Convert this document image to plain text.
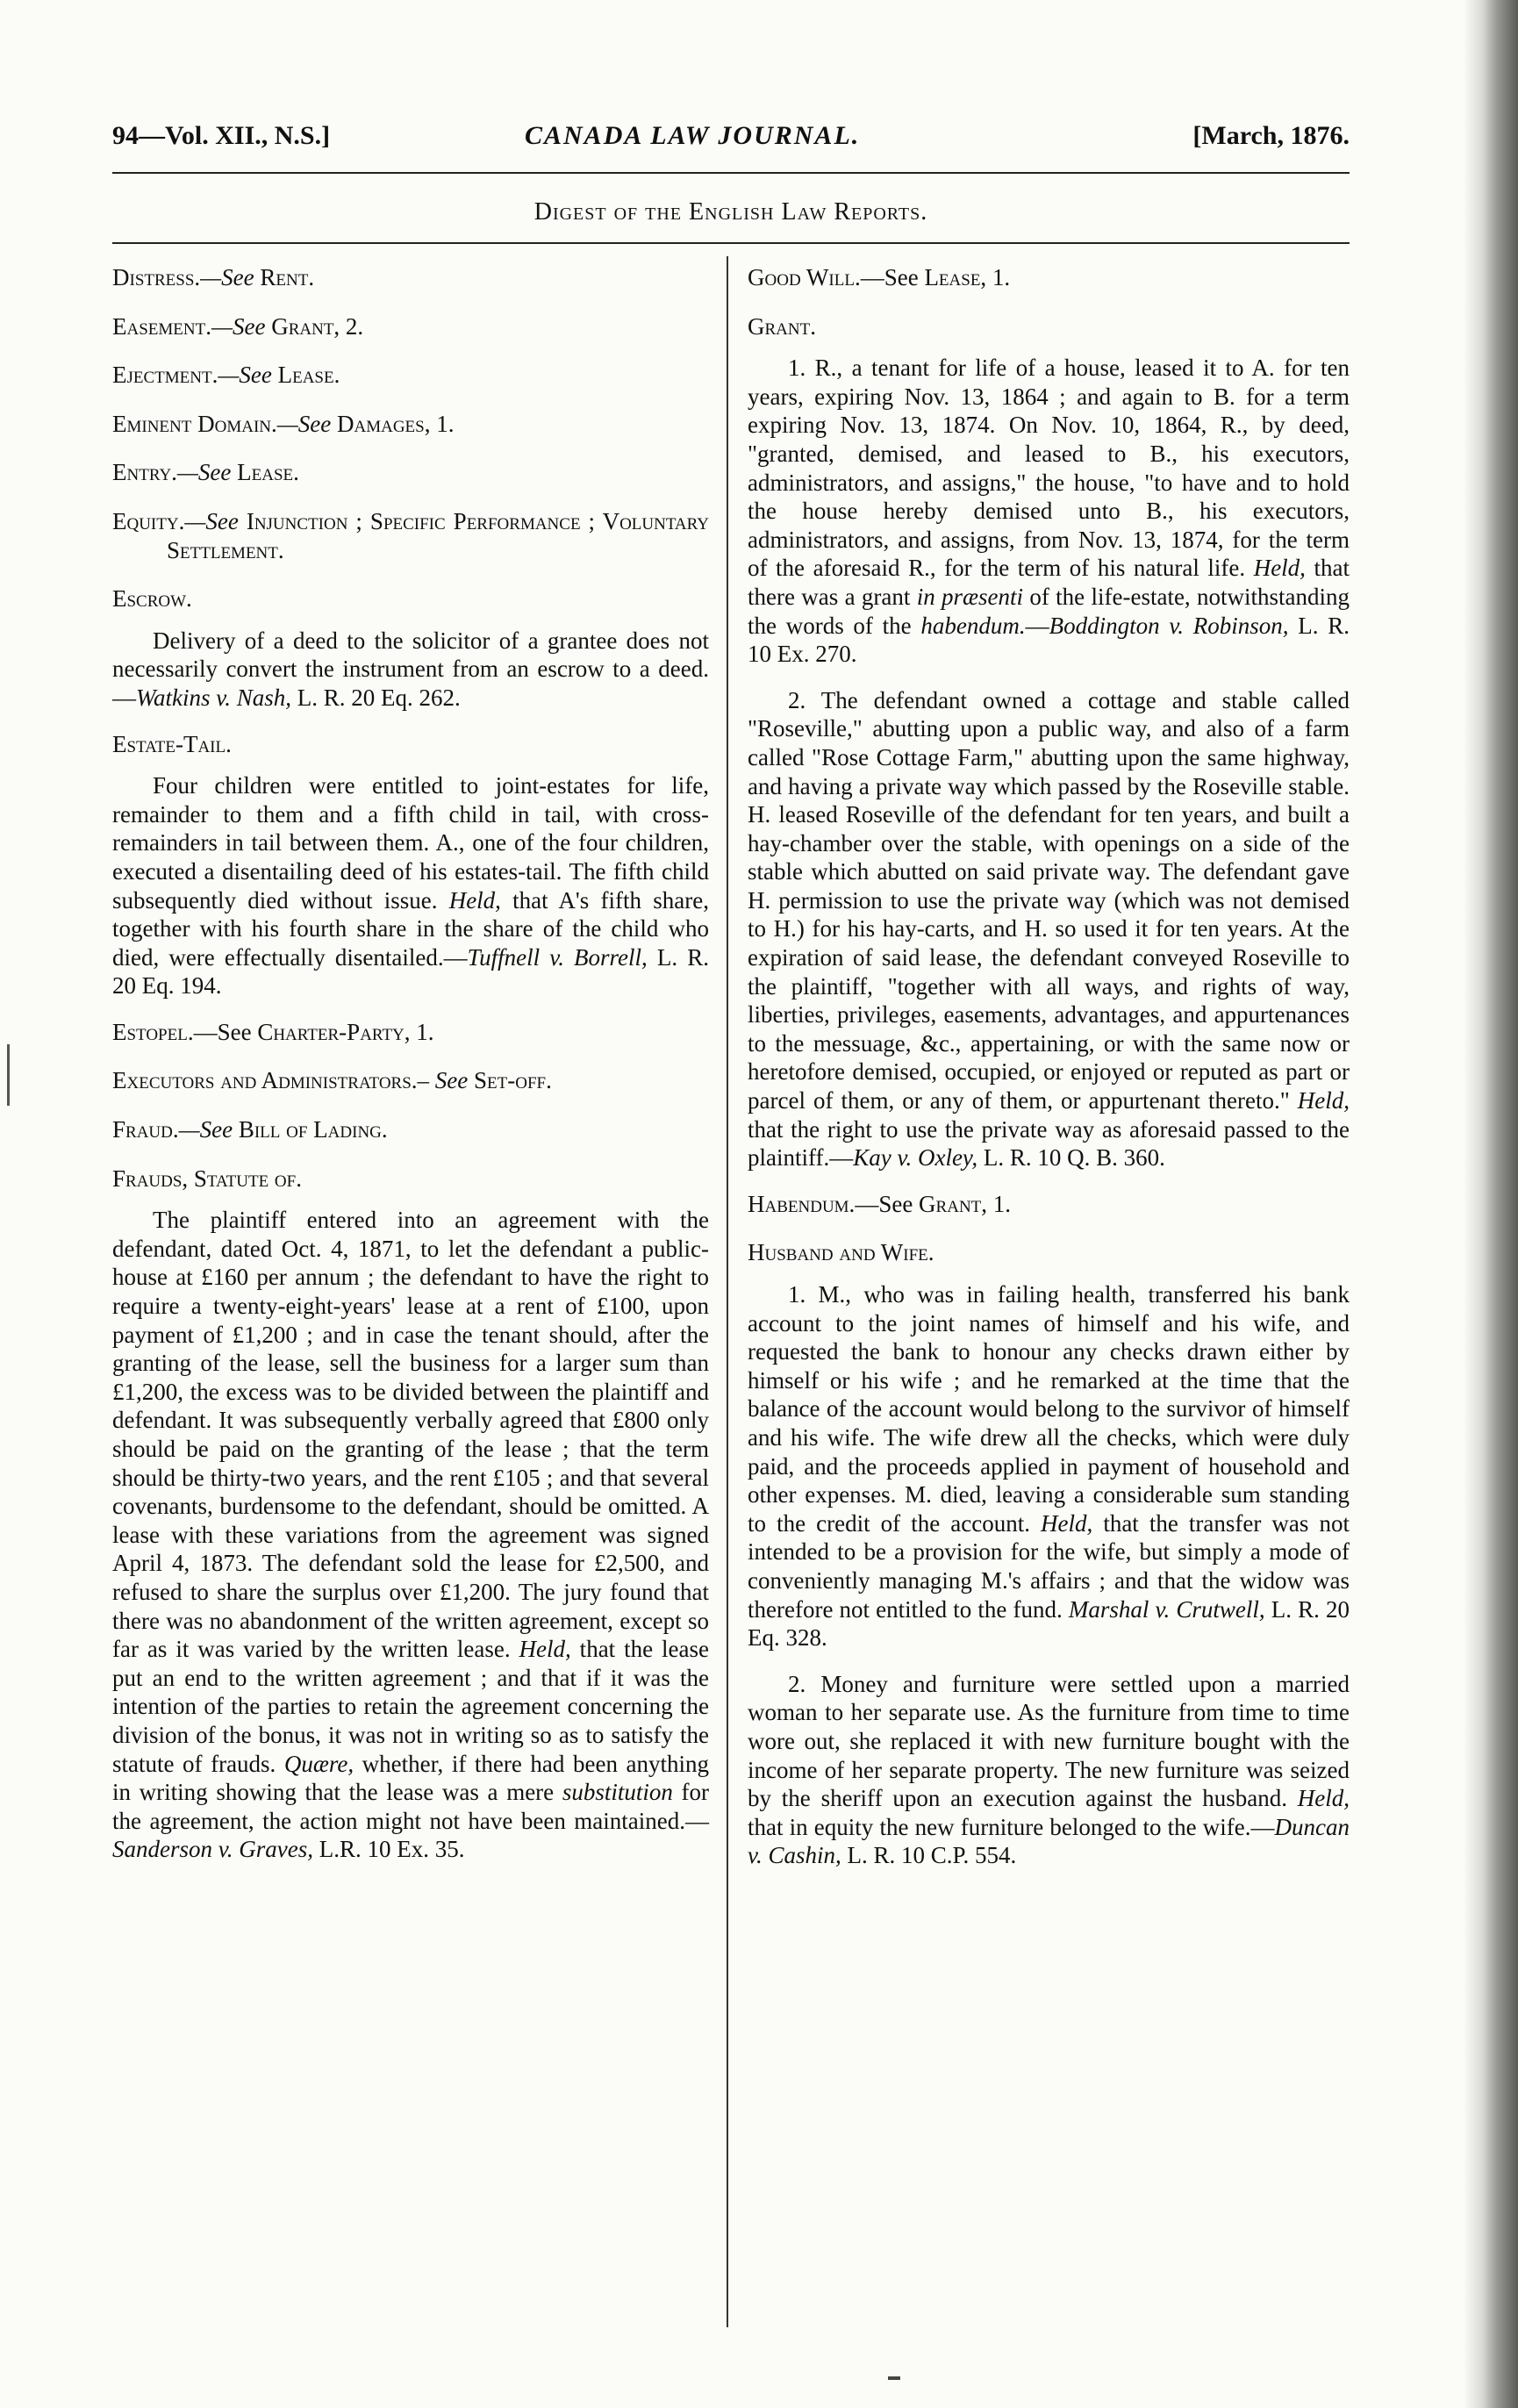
94—Vol. XII., N.S.]	CANADA LAW JOURNAL.	[March, 1876.
Digest of the English Law Reports.
Distress.—See Rent.
Easement.—See Grant, 2.
Ejectment.—See Lease.
Eminent Domain.—See Damages, 1.
Entry.—See Lease.
Equity.—See Injunction ; Specific Performance ; Voluntary Settlement.
Escrow.
Delivery of a deed to the solicitor of a grantee does not necessarily convert the instrument from an escrow to a deed.—Watkins v. Nash, L. R. 20 Eq. 262.
Estate-Tail.
Four children were entitled to joint-estates for life, remainder to them and a fifth child in tail, with cross-remainders in tail between them. A., one of the four children, executed a disentailing deed of his estates-tail. The fifth child subsequently died without issue. Held, that A's fifth share, together with his fourth share in the share of the child who died, were effectually disentailed.—Tuffnell v. Borrell, L. R. 20 Eq. 194.
Estopel.—See Charter-Party, 1.
Executors and Administrators.– See Set-off.
Fraud.—See Bill of Lading.
Frauds, Statute of.
The plaintiff entered into an agreement with the defendant, dated Oct. 4, 1871, to let the defendant a public-house at £160 per annum ; the defendant to have the right to require a twenty-eight-years' lease at a rent of £100, upon payment of £1,200 ; and in case the tenant should, after the granting of the lease, sell the business for a larger sum than £1,200, the excess was to be divided between the plaintiff and defendant. It was subsequently verbally agreed that £800 only should be paid on the granting of the lease ; that the term should be thirty-two years, and the rent £105 ; and that several covenants, burdensome to the defendant, should be omitted. A lease with these variations from the agreement was signed April 4, 1873. The defendant sold the lease for £2,500, and refused to share the surplus over £1,200. The jury found that there was no abandonment of the written agreement, except so far as it was varied by the written lease. Held, that the lease put an end to the written agreement ; and that if it was the intention of the parties to retain the agreement concerning the division of the bonus, it was not in writing so as to satisfy the statute of frauds. Quære, whether, if there had been anything in writing showing that the lease was a mere substitution for the agreement, the action might not have been maintained.—Sanderson v. Graves, L.R. 10 Ex. 35.
Good Will.—See Lease, 1.
Grant.
1. R., a tenant for life of a house, leased it to A. for ten years, expiring Nov. 13, 1864 ; and again to B. for a term expiring Nov. 13, 1874. On Nov. 10, 1864, R., by deed, "granted, demised, and leased to B., his executors, administrators, and assigns," the house, "to have and to hold the house hereby demised unto B., his executors, administrators, and assigns, from Nov. 13, 1874, for the term of the aforesaid R., for the term of his natural life. Held, that there was a grant in præsenti of the life-estate, notwithstanding the words of the habendum.—Boddington v. Robinson, L. R. 10 Ex. 270.
2. The defendant owned a cottage and stable called "Roseville," abutting upon a public way, and also of a farm called "Rose Cottage Farm," abutting upon the same highway, and having a private way which passed by the Roseville stable. H. leased Roseville of the defendant for ten years, and built a hay-chamber over the stable, with openings on a side of the stable which abutted on said private way. The defendant gave H. permission to use the private way (which was not demised to H.) for his hay-carts, and H. so used it for ten years. At the expiration of said lease, the defendant conveyed Roseville to the plaintiff, "together with all ways, and rights of way, liberties, privileges, easements, advantages, and appurtenances to the messuage, &c., appertaining, or with the same now or heretofore demised, occupied, or enjoyed or reputed as part or parcel of them, or any of them, or appurtenant thereto." Held, that the right to use the private way as aforesaid passed to the plaintiff.—Kay v. Oxley, L. R. 10 Q. B. 360.
Habendum.—See Grant, 1.
Husband and Wife.
1. M., who was in failing health, transferred his bank account to the joint names of himself and his wife, and requested the bank to honour any checks drawn either by himself or his wife ; and he remarked at the time that the balance of the account would belong to the survivor of himself and his wife. The wife drew all the checks, which were duly paid, and the proceeds applied in payment of household and other expenses. M. died, leaving a considerable sum standing to the credit of the account. Held, that the transfer was not intended to be a provision for the wife, but simply a mode of conveniently managing M.'s affairs ; and that the widow was therefore not entitled to the fund. Marshal v. Crutwell, L. R. 20 Eq. 328.
2. Money and furniture were settled upon a married woman to her separate use. As the furniture from time to time wore out, she replaced it with new furniture bought with the income of her separate property. The new furniture was seized by the sheriff upon an execution against the husband. Held, that in equity the new furniture belonged to the wife.—Duncan v. Cashin, L. R. 10 C.P. 554.
